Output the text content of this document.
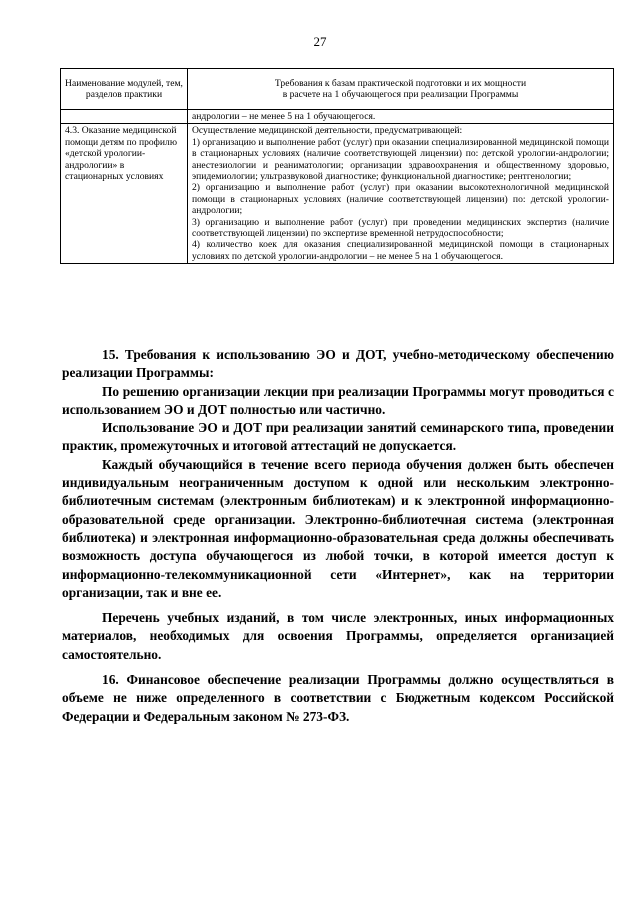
27
Наименование модулей, тем, разделов практики	Требования к базам практической подготовки и их мощности
в расчете на 1 обучающегося при реализации Программы

	андрологии – не менее 5 на 1 обучающегося.
4.3. Оказание медицинской помощи детям по профилю «детской урологии-андрологии» в стационарных условиях	Осуществление медицинской деятельности, предусматривающей:

1) организацию и выполнение работ (услуг) при оказании специализированной медицинской помощи в стационарных условиях (наличие соответствующей лицензии) по: детской урологии-андрологии; анестезиологии и реаниматологии; организации здравоохранения и общественному здоровью, эпидемиологии; ультразвуковой диагностике; функциональной диагностике; рентгенологии;

2) организацию и выполнение работ (услуг) при оказании высокотехнологичной медицинской помощи в стационарных условиях (наличие соответствующей лицензии) по: детской урологии-андрологии;

3) организацию и выполнение работ (услуг) при проведении медицинских экспертиз (наличие соответствующей лицензии) по экспертизе временной нетрудоспособности;

4) количество коек для оказания специализированной медицинской помощи в стационарных условиях по детской урологии-андрологии – не менее 5 на 1 обучающегося.

15. Требования к использованию ЭО и ДОТ, учебно-методическому обеспечению реализации Программы:

По решению организации лекции при реализации Программы могут проводиться с использованием ЭО и ДОТ полностью или частично.

Использование ЭО и ДОТ при реализации занятий семинарского типа, проведении практик, промежуточных и итоговой аттестаций не допускается.

Каждый обучающийся в течение всего периода обучения должен быть обеспечен индивидуальным неограниченным доступом к одной или нескольким электронно-библиотечным системам (электронным библиотекам) и к электронной информационно-образовательной среде организации. Электронно-библиотечная система (электронная библиотека) и электронная информационно-образовательная среда должны обеспечивать возможность доступа обучающегося из любой точки, в которой имеется доступ к информационно-телекоммуникационной сети «Интернет», как на территории организации, так и вне ее.

Перечень учебных изданий, в том числе электронных, иных информационных материалов, необходимых для освоения Программы, определяется организацией самостоятельно.

16. Финансовое обеспечение реализации Программы должно осуществляться в объеме не ниже определенного в соответствии с Бюджетным кодексом Российской Федерации и Федеральным законом № 273-ФЗ.
